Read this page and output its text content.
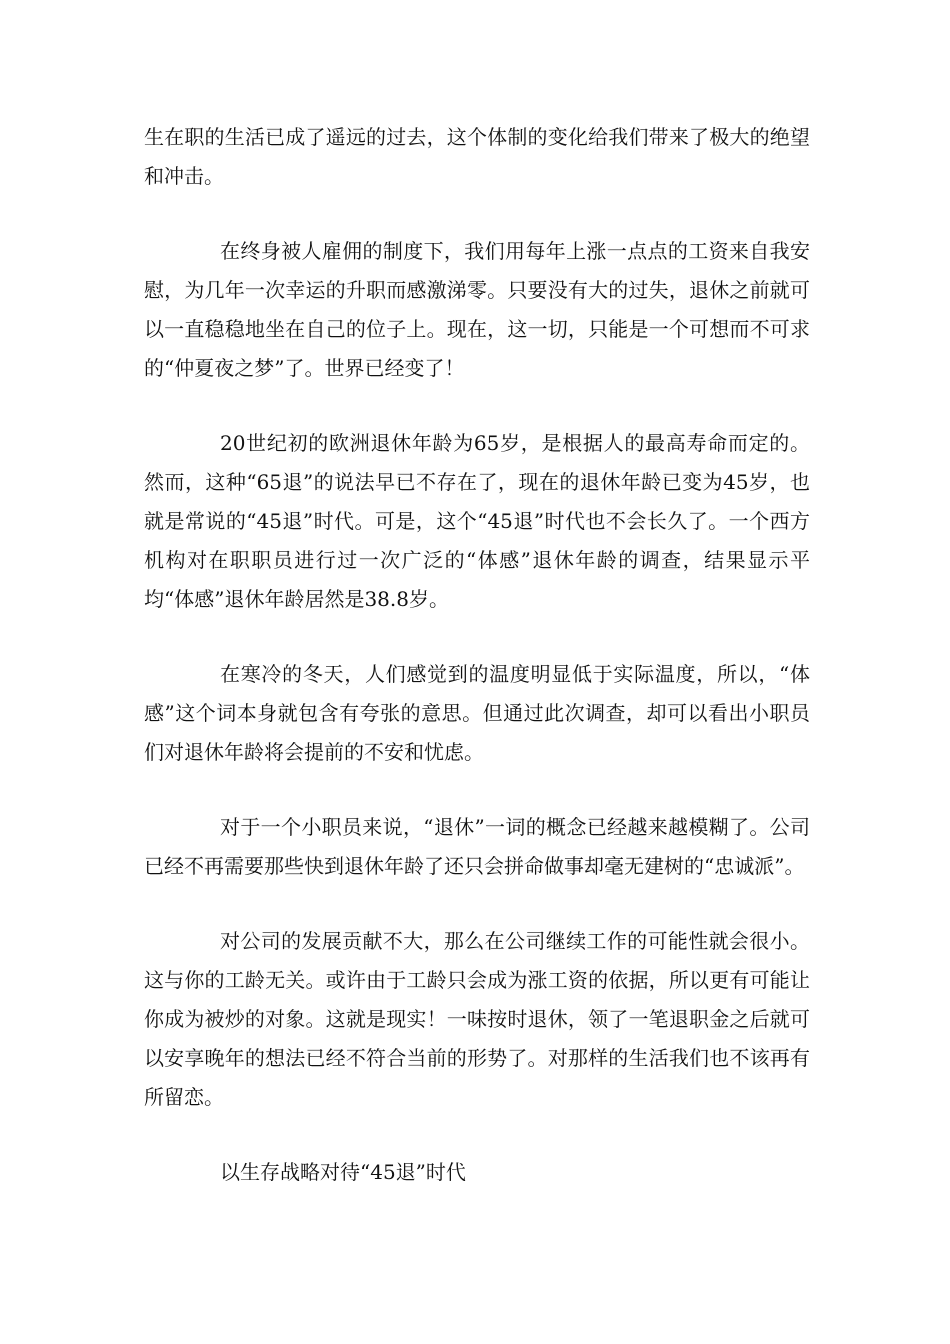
生在职的生活已成了遥远的过去，这个体制的变化给我们带来了极大的绝望和冲击。

在终身被人雇佣的制度下，我们用每年上涨一点点的工资来自我安慰，为几年一次幸运的升职而感激涕零。只要没有大的过失，退休之前就可以一直稳稳地坐在自己的位子上。现在，这一切，只能是一个可想而不可求的“仲夏夜之梦”了。世界已经变了！

20世纪初的欧洲退休年龄为65岁，是根据人的最高寿命而定的。然而，这种“65退”的说法早已不存在了，现在的退休年龄已变为45岁，也就是常说的“45退”时代。可是，这个“45退”时代也不会长久了。一个西方机构对在职职员进行过一次广泛的“体感”退休年龄的调查，结果显示平均“体感”退休年龄居然是38.8岁。

在寒冷的冬天，人们感觉到的温度明显低于实际温度，所以，“体感”这个词本身就包含有夸张的意思。但通过此次调查，却可以看出小职员们对退休年龄将会提前的不安和忧虑。

对于一个小职员来说，“退休”一词的概念已经越来越模糊了。公司已经不再需要那些快到退休年龄了还只会拼命做事却毫无建树的“忠诚派”。

对公司的发展贡献不大，那么在公司继续工作的可能性就会很小。这与你的工龄无关。或许由于工龄只会成为涨工资的依据，所以更有可能让你成为被炒的对象。这就是现实！一味按时退休，领了一笔退职金之后就可以安享晚年的想法已经不符合当前的形势了。对那样的生活我们也不该再有所留恋。

以生存战略对待“45退”时代
